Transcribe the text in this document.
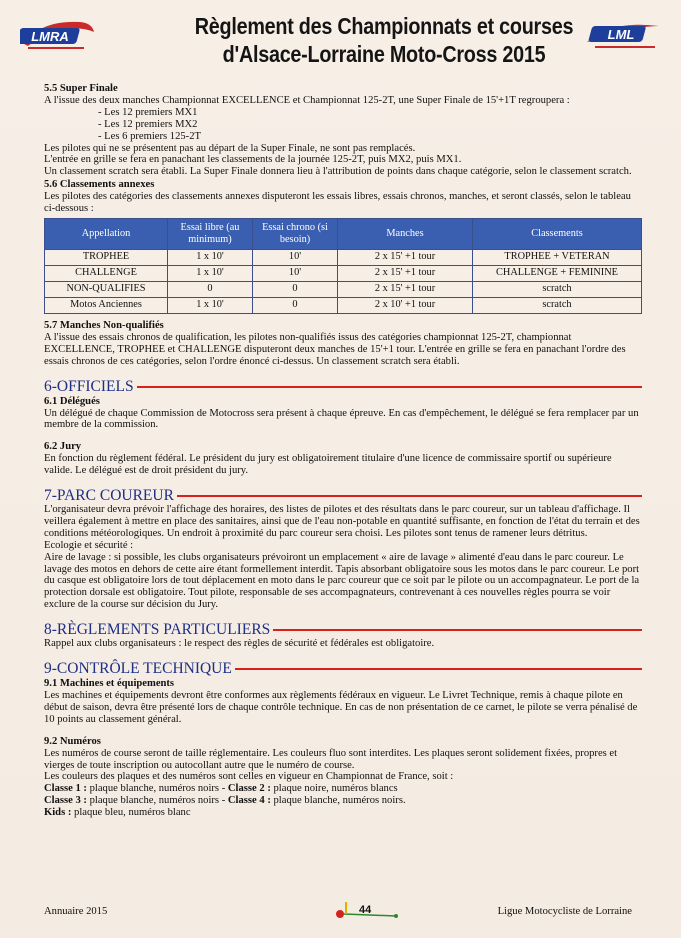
LMRA	Règlement des Championnats et courses
d'Alsace-Lorraine Moto-Cross 2015
LML
5.5 Super Finale

A l'issue des deux manches Championnat EXCELLENCE et Championnat 125-2T, une Super Finale de 15'+1T regroupera :

- Les 12 premiers MX1
- Les 12 premiers MX2
- Les 6 premiers 125-2T

Les pilotes qui ne se présentent pas au départ de la Super Finale, ne sont pas remplacés.

L'entrée en grille se fera en panachant les classements de la journée 125-2T, puis MX2, puis MX1.

Un classement scratch sera établi. La Super Finale donnera lieu à l'attribution de points dans chaque catégorie, selon le classement scratch.

5.6 Classements annexes

Les pilotes des catégories des classements annexes disputeront les essais libres, essais chronos, manches, et seront classés, selon le tableau ci-dessous :

Appellation	Essai libre (au minimum)	Essai chrono (si besoin)	Manches	Classements
TROPHEE	1 x 10'	10'	2 x 15' +1 tour	TROPHEE + VETERAN
CHALLENGE	1 x 10'	10'	2 x 15' +1 tour	CHALLENGE + FEMININE
NON-QUALIFIES	0	0	2 x 15' +1 tour	scratch
Motos Anciennes	1 x 10'	0	2 x 10' +1 tour	scratch
5.7 Manches Non-qualifiés

A l'issue des essais chronos de qualification, les pilotes non-qualifiés issus des catégories championnat 125-2T, championnat EXCELLENCE, TROPHEE et CHALLENGE disputeront deux manches de 15'+1 tour. L'entrée en grille se fera en panachant l'ordre des essais chronos de ces catégories, selon l'ordre énoncé ci-dessus. Un classement scratch sera établi.

6-OFFICIELS
6.1 Délégués

Un délégué de chaque Commission de Motocross sera présent à chaque épreuve. En cas d'empêchement, le délégué se fera remplacer par un membre de la commission.

6.2 Jury

En fonction du règlement fédéral. Le président du jury est obligatoirement titulaire d'une licence de commissaire sportif ou supérieure valide. Le délégué est de droit président du jury.

7-PARC COUREUR

L'organisateur devra prévoir l'affichage des horaires, des listes de pilotes et des résultats dans le parc coureur, sur un tableau d'affichage. Il veillera également à mettre en place des sanitaires, ainsi que de l'eau non-potable en quantité suffisante, en fonction de l'état du terrain et des conditions météorologiques. Un endroit à proximité du parc coureur sera choisi. Les pilotes sont tenus de ramener leurs détritus.

Ecologie et sécurité :

Aire de lavage : si possible, les clubs organisateurs prévoiront un emplacement « aire de lavage » alimenté d'eau dans le parc coureur. Le lavage des motos en dehors de cette aire étant formellement interdit. Tapis absorbant obligatoire sous les motos dans le parc coureur. Le port du casque est obligatoire lors de tout déplacement en moto dans le parc coureur que ce soit par le pilote ou un accompagnateur. Le port de la protection dorsale est obligatoire. Tout pilote, responsable de ses accompagnateurs, contrevenant à ces nouvelles règles pourra se voir exclure de la course sur décision du Jury.

8-RÈGLEMENTS PARTICULIERS

Rappel aux clubs organisateurs : le respect des règles de sécurité et fédérales est obligatoire.

9-CONTRÔLE TECHNIQUE
9.1 Machines et équipements

Les machines et équipements devront être conformes aux règlements fédéraux en vigueur. Le Livret Technique, remis à chaque pilote en début de saison, devra être présenté lors de chaque contrôle technique. En cas de non présentation de ce carnet, le pilote se verra pénalisé de 10 points au classement général.

9.2 Numéros

Les numéros de course seront de taille réglementaire. Les couleurs fluo sont interdites. Les plaques seront solidement fixées, propres et vierges de toute inscription ou autocollant autre que le numéro de course.

Les couleurs des plaques et des numéros sont celles en vigueur en Championnat de France, soit :

Classe 1 : plaque blanche, numéros noirs - Classe 2 : plaque noire, numéros blancs

Classe 3 : plaque blanche, numéros noirs - Classe 4 : plaque blanche, numéros noirs.

Kids : plaque bleu, numéros blanc

Annuaire 2015	44	Ligue Motocycliste de Lorraine
